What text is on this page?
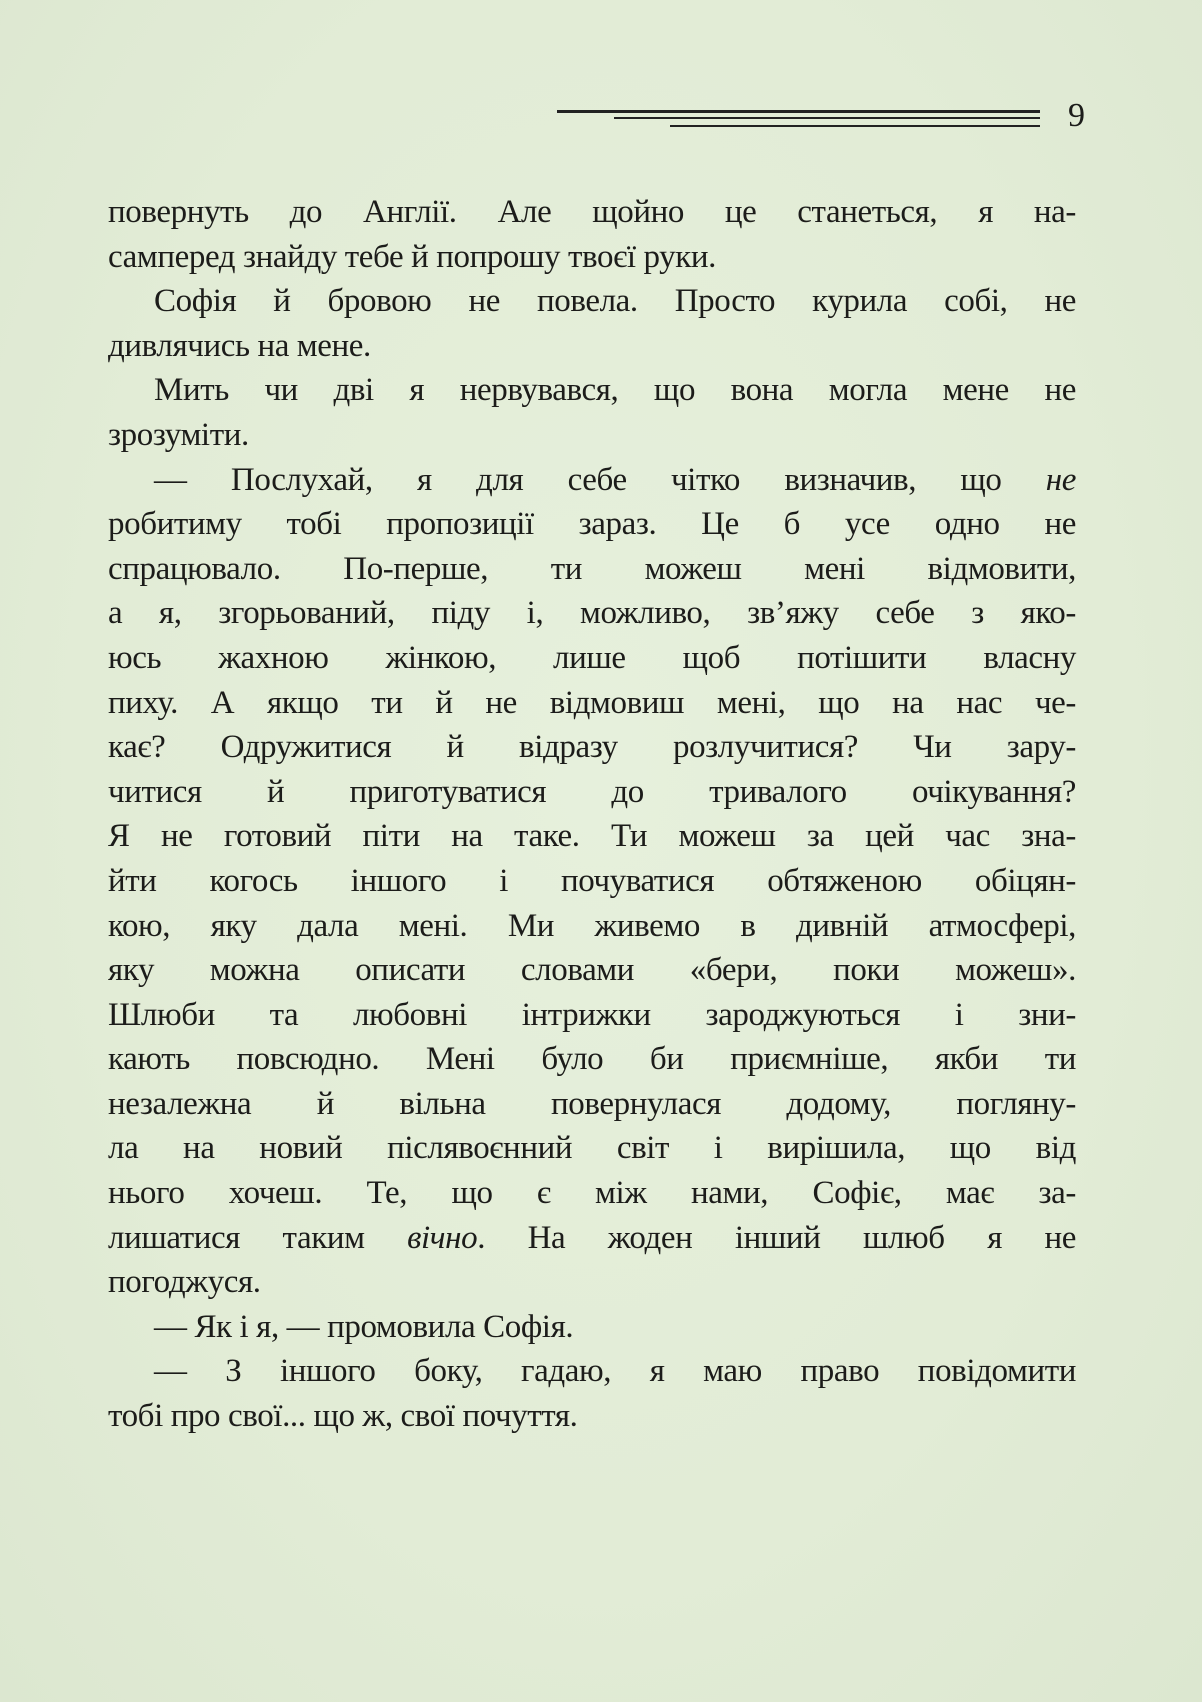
9
повернуть до Англії. Але щойно це станеться, я на-
самперед знайду тебе й попрошу твоєї руки.
Софія й бровою не повела. Просто курила собі, не
дивлячись на мене.
Мить чи дві я нервувався, що вона могла мене не
зрозуміти.
— Послухай, я для себе чітко визначив, що не
робитиму тобі пропозиції зараз. Це б усе одно не
спрацювало. По-перше, ти можеш мені відмовити,
а я, згорьований, піду і, можливо, зв’яжу себе з яко-
юсь жахною жінкою, лише щоб потішити власну
пиху. А якщо ти й не відмовиш мені, що на нас че-
кає? Одружитися й відразу розлучитися? Чи зару-
читися й приготуватися до тривалого очікування?
Я не готовий піти на таке. Ти можеш за цей час зна-
йти когось іншого і почуватися обтяженою обіцян-
кою, яку дала мені. Ми живемо в дивній атмосфері,
яку можна описати словами «бери, поки можеш».
Шлюби та любовні інтрижки зароджуються і зни-
кають повсюдно. Мені було би приємніше, якби ти
незалежна й вільна повернулася додому, погляну-
ла на новий післявоєнний світ і вирішила, що від
нього хочеш. Те, що є між нами, Софіє, має за-
лишатися таким вічно. На жоден інший шлюб я не
погоджуся.
— Як і я, — промовила Софія.
— З іншого боку, гадаю, я маю право повідомити
тобі про свої... що ж, свої почуття.
